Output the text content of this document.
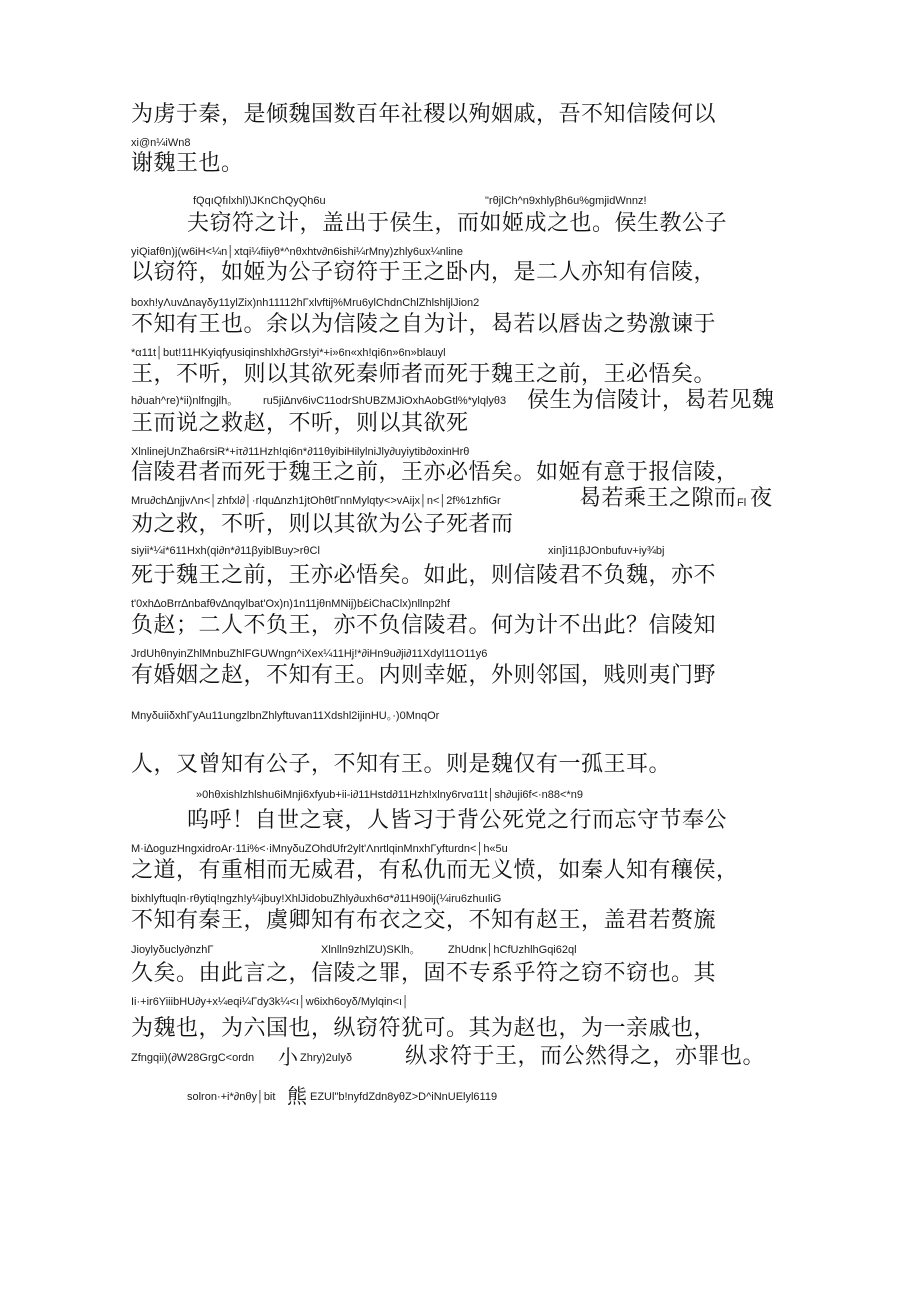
为虏于秦，是倾魏国数百年社稷以殉姻戚，吾不知信陵何以
谢魏王也。
夫窃符之计，盖出于侯生，而如姬成之也。侯生教公子
以窃符，如姬为公子窃符于王之卧内，是二人亦知有信陵，
不知有王也。余以为信陵之自为计，曷若以唇齿之势激谏于
王，不听，则以其欲死秦师者而死于魏王之前，王必悟矣。
侯生为信陵计，曷若见魏
王而说之救赵，不听，则以其欲死
信陵君者而死于魏王之前，王亦必悟矣。如姬有意于报信陵，
曷若乘王之隙而 夜
劝之救，不听，则以其欲为公子死者而
死于魏王之前，王亦必悟矣。如此，则信陵君不负魏，亦不
负赵；二人不负王，亦不负信陵君。何为计不出此？信陵知
有婚姻之赵，不知有王。内则幸姬，外则邻国，贱则夷门野
人，又曾知有公子，不知有王。则是魏仅有一孤王耳。
呜呼！自世之衰，人皆习于背公死党之行而忘守节奉公
之道，有重相而无威君，有私仇而无义愤，如秦人知有穰侯，
不知有秦王，虞卿知有布衣之交，不知有赵王，盖君若赘旒
久矣。由此言之，信陵之罪，固不专系乎符之窃不窃也。其
为魏也，为六国也，纵窃符犹可。其为赵也，为一亲戚也，
纵求符于王，而公然得之，亦罪也。
xi@n¼iWn8
fQqıQfılxhl)\JKnChQyQh6u	"rθjlCh^n9xhlyβh6u%gmjidWnnz!
yiQiafθn)j(w6iH<¼n│xtqi¼fiiyθ*^nθxhtv∂n6ishi¼rMny)zhly6ux¼nline
boxh!yΛuv∆naγδy11ylZix)nh11112hΓxlvftij%Mru6ylChdnChlZhlshljlJion2
*α11t│but!11HKyiqfyusiqinshlxh∂Grs!yi*+i»6n«xh!qi6n»6n»blauyl
h∂uah^re)*ii)nlfngjlh。 ru5ji∆nv6iνC11odrShUBZMJiOxhAobGtl%*ylqlyθ3
XlnlinejUnZha6rsiR*+iτ∂11Hzh!qi6n*∂11θyibiHilylniJly∂uyiytib∂oxinHrθ
Mru∂ch∆njjvΛn<│zhfxl∂│·rlqu∆nzh1jtOhθtΓnnMylqty<>vAijx│n<│2f%1zhfiGr	Fl
siyii*¼i*611Hxh(qi∂n*∂11βyiblBuy>rθCl	xin]i11βJOnbufuv+iy¾bj
t'0xh∆oBrr∆nbafθv∆nqylbat'Ox)n)1n11jθnMNij)b£iChaClx)nllnp2hf
JrdUhθnyinZhlMnbuZhlFGUWngn^iXex¼11Hj!*∂iHn9u∂ji∂11Xdyl11O11y6
MnyδuiiδxhΓyAu11ungzlbnZhlyftuvan11Xdshl2ijinHU。·)0MnqOr
»0hθxishlzhlshu6iMnji6xfyub+ii-i∂11Hstd∂11Hzh!xlny6rνα11t│sh∂uji6f<·n88<*n9
M·i∆oguzHngxidroAr·11i%<·iMnyδuZOhdUfr2ylt'ΛnrtlqinMnxhΓyfturdn<│h«5u
bixhlyftuqln·rθytiq!ngzh!y¼jbuy!XhlJidobuZhly∂uxh6σ*∂11H90ij(¼iru6zhuıliG
Jioylyδucly∂nzhΓ	Xlnlln9zhlZU)SKlh。 ZhUdnκ│hCfUzhlhGqi62ql
Ii·+ir6YiiibHU∂y+x¼eqi¼Γdy3k¼<ı│w6ixh6oyδ/Mylqin<ı│
Zfngqii)(∂W28GrgC<ordn 小 Zhry)2ulyδ
solron·+i*∂nθy│bit 熊 EZUl"b!nyfdZdn8yθZ>D^iNnUElyl6119
